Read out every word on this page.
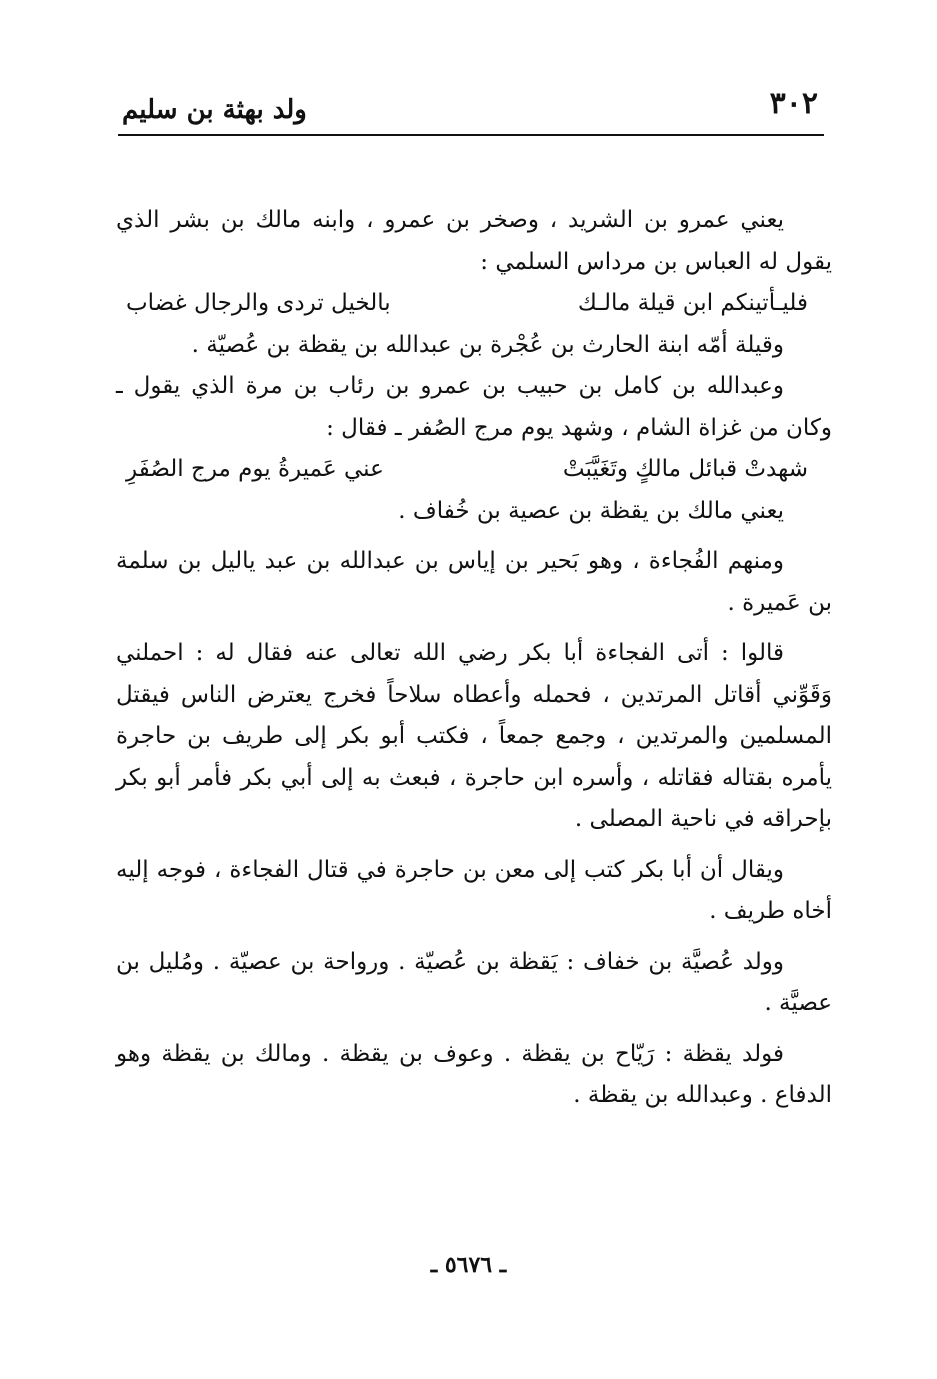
٣٠٢
ولد بهثة بن سليم

يعني عمرو بن الشريد ، وصخر بن عمرو ، وابنه مالك بن بشر الذي يقول له العباس بن مرداس السلمي :

فليـأتينكم ابن قيلة مالـك
بالخيل تردى والرجال غضاب

وقيلة أمّه ابنة الحارث بن عُجْرة بن عبدالله بن يقظة بن عُصيّة .

وعبدالله بن كامل بن حبيب بن عمرو بن رئاب بن مرة الذي يقول ـ وكان من غزاة الشام ، وشهد يوم مرج الصُفر ـ فقال :

شهدتْ قبائل مالكٍ وتَغَيَّبَتْ
عني عَميرةُ يوم مرج الصُفَرِ

يعني مالك بن يقظة بن عصية بن خُفاف .

ومنهم الفُجاءة ، وهو بَحير بن إياس بن عبدالله بن عبد ياليل بن سلمة بن عَميرة .

قالوا : أتى الفجاءة أبا بكر رضي الله تعالى عنه فقال له : احملني وَقَوِّني أقاتل المرتدين ، فحمله وأعطاه سلاحاً فخرج يعترض الناس فيقتل المسلمين والمرتدين ، وجمع جمعاً ، فكتب أبو بكر إلى طريف بن حاجرة يأمره بقتاله فقاتله ، وأسره ابن حاجرة ، فبعث به إلى أبي بكر فأمر أبو بكر بإحراقه في ناحية المصلى .

ويقال أن أبا بكر كتب إلى معن بن حاجرة في قتال الفجاءة ، فوجه إليه أخاه طريف .

وولد عُصيَّة بن خفاف : يَقظة بن عُصيّة . ورواحة بن عصيّة . ومُليل بن عصيَّة .

فولد يقظة : رَيّاح بن يقظة . وعوف بن يقظة . ومالك بن يقظة وهو الدفاع . وعبدالله بن يقظة .

ـ ٥٦٧٦ ـ
